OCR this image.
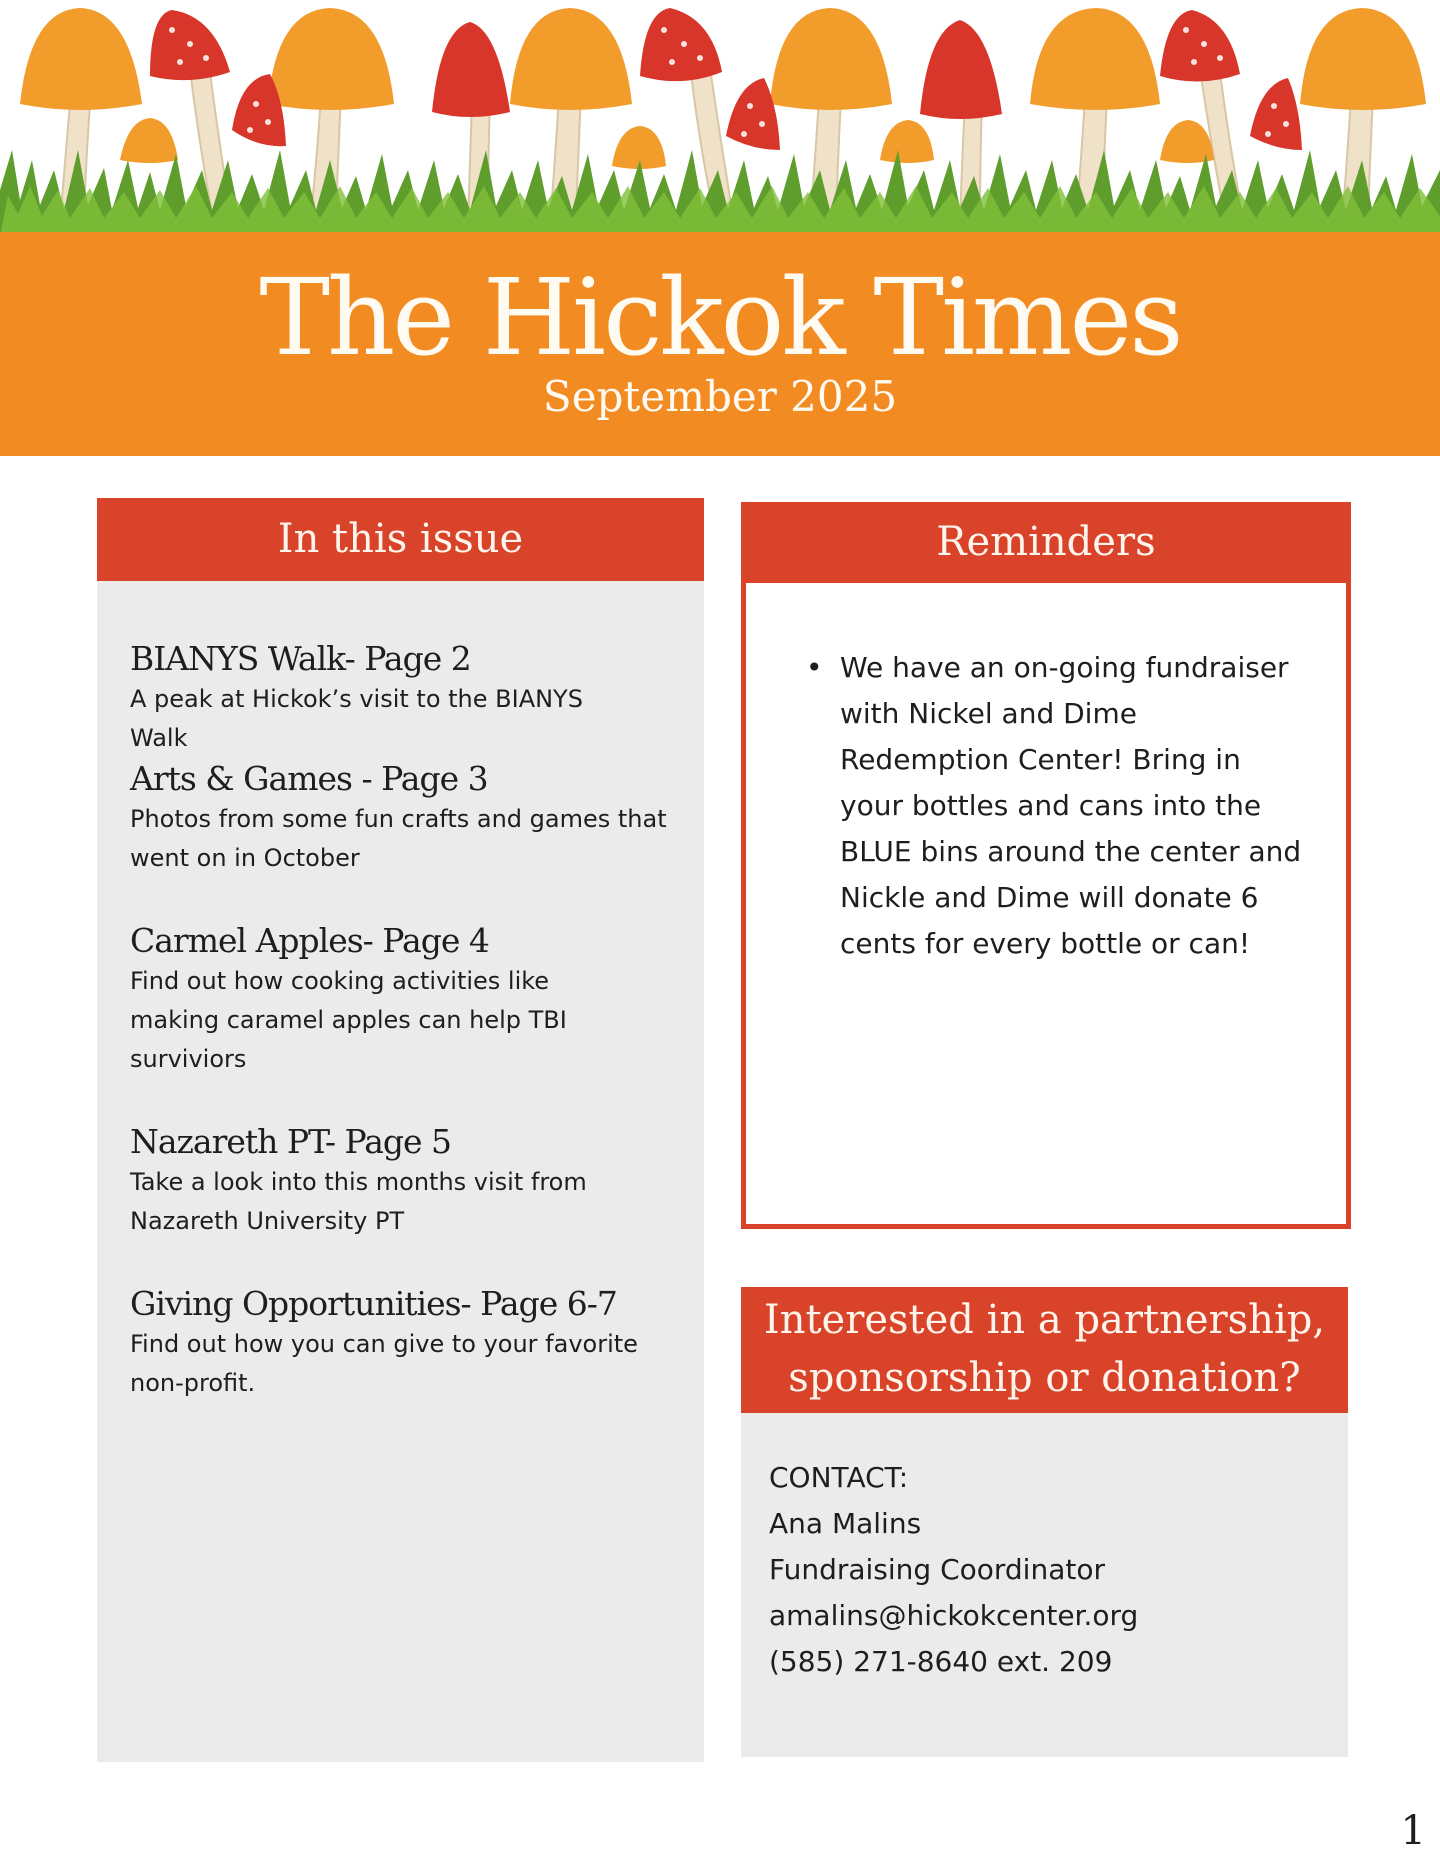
The Hickok Times
September 2025
In this issue
BIANYS Walk- Page 2
A peak at Hickok’s visit to the BIANYS Walk
Arts & Games - Page 3
Photos from some fun crafts and games that went on in October
Carmel Apples- Page 4
Find out how cooking activities like making caramel apples can help TBI surviviors
Nazareth PT- Page 5
Take a look into this months visit from Nazareth University PT
Giving Opportunities- Page 6-7
Find out how you can give to your favorite non-profit.
Reminders
• We have an on-going fundraiser with Nickel and Dime Redemption Center! Bring in your bottles and cans into the BLUE bins around the center and Nickle and Dime will donate 6 cents for every bottle or can!
Interested in a partnership,
sponsorship or donation?
CONTACT:
Ana Malins
Fundraising Coordinator
amalins@hickokcenter.org
(585) 271-8640 ext. 209
1
